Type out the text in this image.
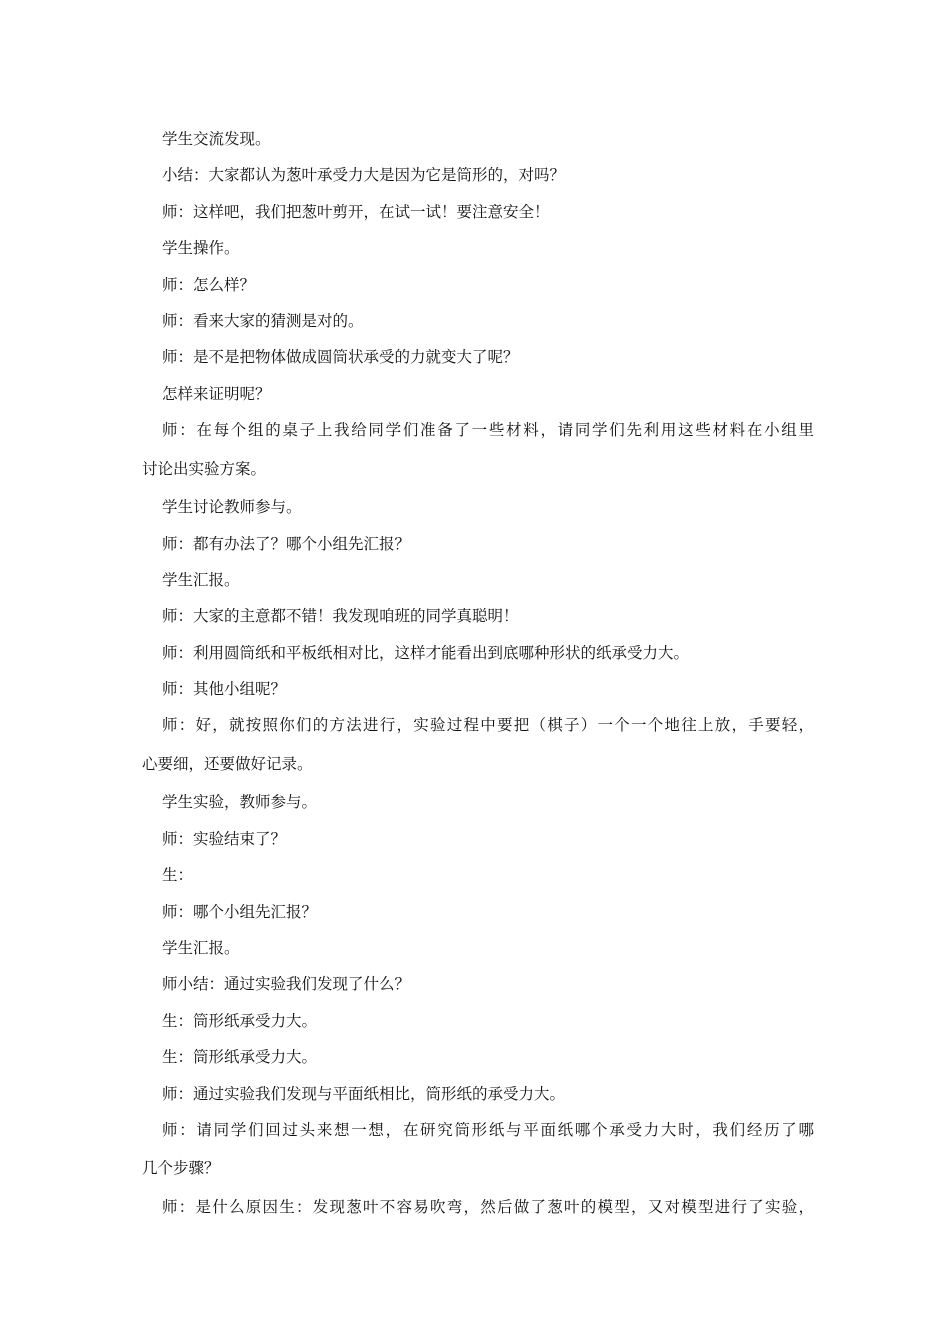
学生交流发现。
小结：大家都认为葱叶承受力大是因为它是筒形的，对吗？
师：这样吧，我们把葱叶剪开，在试一试！要注意安全！
学生操作。
师：怎么样？
师：看来大家的猜测是对的。
师：是不是把物体做成圆筒状承受的力就变大了呢？
怎样来证明呢？
师：在每个组的桌子上我给同学们准备了一些材料，请同学们先利用这些材料在小组里
讨论出实验方案。
学生讨论教师参与。
师：都有办法了？哪个小组先汇报？
学生汇报。
师：大家的主意都不错！我发现咱班的同学真聪明！
师：利用圆筒纸和平板纸相对比，这样才能看出到底哪种形状的纸承受力大。
师：其他小组呢？
师：好，就按照你们的方法进行，实验过程中要把（棋子）一个一个地往上放，手要轻，
心要细，还要做好记录。
学生实验，教师参与。
师：实验结束了？
生：
师：哪个小组先汇报？
学生汇报。
师小结：通过实验我们发现了什么？
生：筒形纸承受力大。
生：筒形纸承受力大。
师：通过实验我们发现与平面纸相比，筒形纸的承受力大。
师：请同学们回过头来想一想，在研究筒形纸与平面纸哪个承受力大时，我们经历了哪
几个步骤？
师：是什么原因生：发现葱叶不容易吹弯，然后做了葱叶的模型，又对模型进行了实验，
